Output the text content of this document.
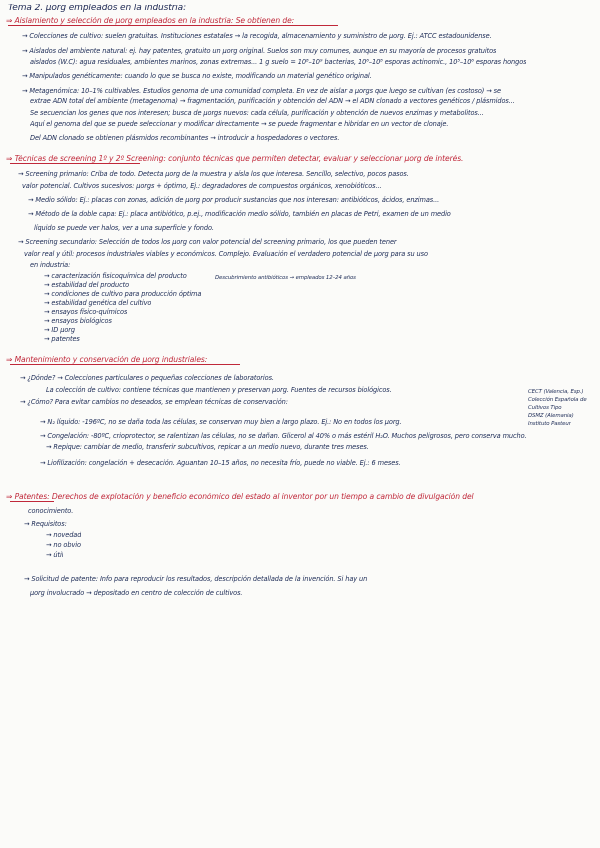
Tema 2. μorg empleados en la industria:
⇒ Aislamiento y selección de μorg empleados en la industria: Se obtienen de:
→ Colecciones de cultivo: suelen gratuitas. Instituciones estatales → la recogida, almacenamiento y suministro de μorg. Ej.: ATCC estadounidense.
→ Aislados del ambiente natural: ej. hay patentes, gratuito un μorg original. Suelos son muy comunes, aunque en su mayoría de procesos gratuitos
aislados (W.C): agua residuales, ambientes marinos, zonas extremas... 1 g suelo = 10⁸–10⁹ bacterias, 10⁶–10⁸ esporas actinomic., 10⁵–10⁶ esporas hongos
→ Manipulados genéticamente: cuando lo que se busca no existe, modificando un material genético original.
→ Metagenómica: 10–1% cultivables. Estudios genoma de una comunidad completa. En vez de aislar a μorgs que luego se cultivan (es costoso) → se
extrae ADN total del ambiente (metagenoma) → fragmentación, purificación y obtención del ADN → el ADN clonado a vectores genéticos / plásmidos...
Se secuencian los genes que nos interesen; busca de μorgs nuevos: cada célula, purificación y obtención de nuevos enzimas y metabolitos...
Aquí el genoma del que se puede seleccionar y modificar directamente → se puede fragmentar e hibridar en un vector de clonaje.
Del ADN clonado se obtienen plásmidos recombinantes → introducir a hospedadores o vectores.
⇒ Técnicas de screening 1º y 2º Screening: conjunto técnicas que permiten detectar, evaluar y seleccionar μorg de interés.
→ Screening primario: Criba de todo. Detecta μorg de la muestra y aísla los que interesa. Sencillo, selectivo, pocos pasos.
valor potencial. Cultivos sucesivos: μorgs + óptimo, Ej.: degradadores de compuestos orgánicos, xenobióticos...
→ Medio sólido: Ej.: placas con zonas, adición de μorg por producir sustancias que nos interesan: antibióticos, ácidos, enzimas...
→ Método de la doble capa: Ej.: placa antibiótico, p.ej., modificación medio sólido, también en placas de Petri, examen de un medio
líquido se puede ver halos, ver a una superficie y fondo.
→ Screening secundario: Selección de todos los μorg con valor potencial del screening primario, los que pueden tener
valor real y útil: procesos industriales viables y económicos. Complejo. Evaluación el verdadero potencial de μorg para su uso
en industria:
Descubrimiento antibióticos → empleados 12–24 años
→ caracterización fisicoquímica del producto
→ estabilidad del producto
→ condiciones de cultivo para producción óptima
→ estabilidad genética del cultivo
→ ensayos físico-químicos
→ ensayos biológicos
→ ID μorg
→ patentes
⇒ Mantenimiento y conservación de μorg industriales:
→ ¿Dónde? → Colecciones particulares o pequeñas colecciones de laboratorios.
La colección de cultivo: contiene técnicas que mantienen y preservan μorg. Fuentes de recursos biológicos.
→ ¿Cómo? Para evitar cambios no deseados, se emplean técnicas de conservación:
CECT (Valencia, Esp.)
Colección Española de
Cultivos Tipo
DSMZ (Alemania)
Instituto Pasteur
→ N₂ líquido: -196ºC, no se daña toda las células, se conservan muy bien a largo plazo. Ej.: No en todos los μorg.
→ Congelación: -80ºC, crioprotector, se ralentizan las células, no se dañan. Glicerol al 40% o más estéril H₂O. Muchos peligrosos, pero conserva mucho.
→ Repique: cambiar de medio, transferir subcultivos, repicar a un medio nuevo, durante tres meses.
→ Liofilización: congelación + desecación. Aguantan 10–15 años, no necesita frío, puede no viable. Ej.: 6 meses.
⇒ Patentes: Derechos de explotación y beneficio económico del estado al inventor por un tiempo a cambio de divulgación del
conocimiento.
→ Requisitos:
→ novedad
→ no obvio
→ útil
→ Solicitud de patente: Info para reproducir los resultados, descripción detallada de la invención. Si hay un
μorg involucrado → depositado en centro de colección de cultivos.
